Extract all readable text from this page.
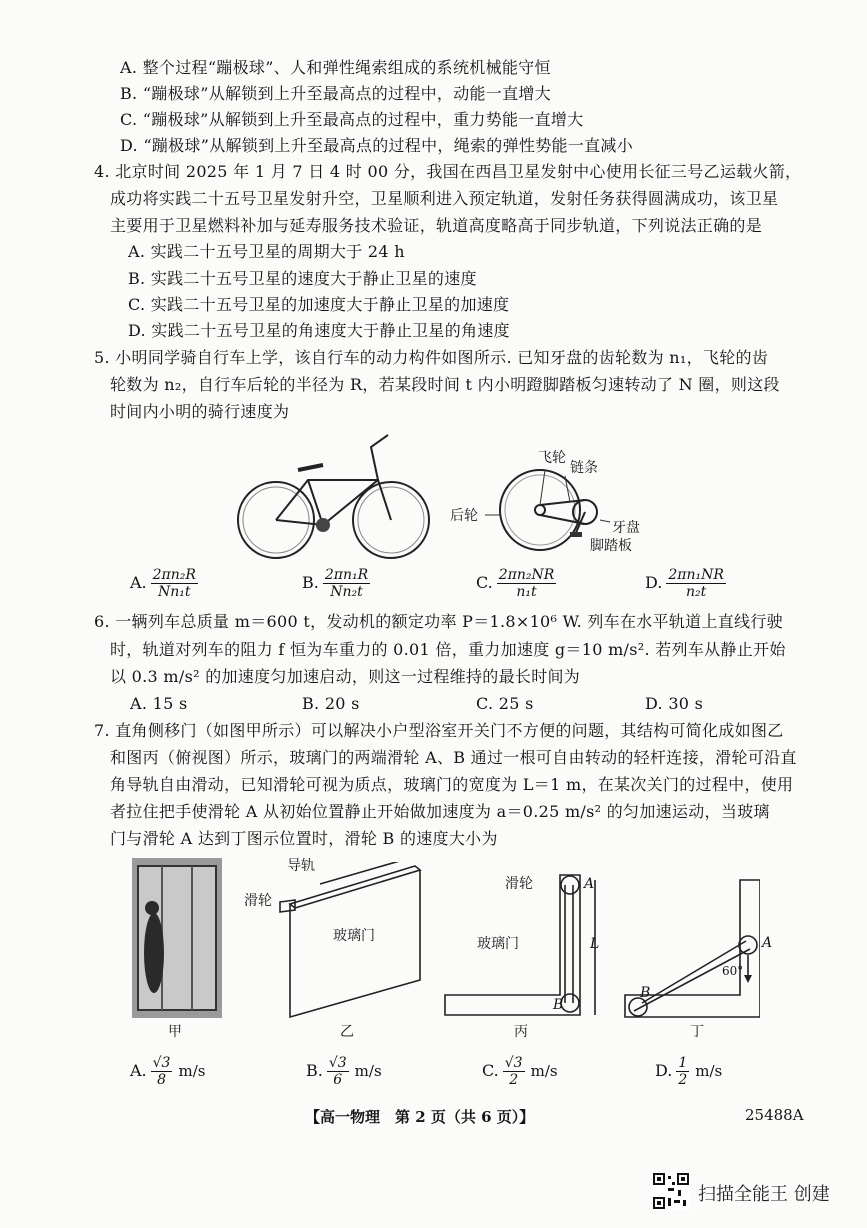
A. 整个过程“蹦极球”、人和弹性绳索组成的系统机械能守恒
B. “蹦极球”从解锁到上升至最高点的过程中，动能一直增大
C. “蹦极球”从解锁到上升至最高点的过程中，重力势能一直增大
D. “蹦极球”从解锁到上升至最高点的过程中，绳索的弹性势能一直减小
4. 北京时间 2025 年 1 月 7 日 4 时 00 分，我国在西昌卫星发射中心使用长征三号乙运载火箭，
成功将实践二十五号卫星发射升空，卫星顺利进入预定轨道，发射任务获得圆满成功，该卫星
主要用于卫星燃料补加与延寿服务技术验证，轨道高度略高于同步轨道，下列说法正确的是
A. 实践二十五号卫星的周期大于 24 h
B. 实践二十五号卫星的速度大于静止卫星的速度
C. 实践二十五号卫星的加速度大于静止卫星的加速度
D. 实践二十五号卫星的角速度大于静止卫星的角速度
5. 小明同学骑自行车上学，该自行车的动力构件如图所示. 已知牙盘的齿轮数为 n₁，飞轮的齿
轮数为 n₂，自行车后轮的半径为 R，若某段时间 t 内小明蹬脚踏板匀速转动了 N 圈，则这段
时间内小明的骑行速度为
飞轮
链条
后轮
牙盘
脚踏板
A. $\frac{\text{2πn₂R}}{\text{Nn₁t}}$	B. $\frac{\text{2πn₁R}}{\text{Nn₂t}}$	C. $\frac{\text{2πn₂NR}}{\text{n₁t}}$	D. $\frac{\text{2πn₁NR}}{\text{n₂t}}$
6. 一辆列车总质量 m＝600 t，发动机的额定功率 P＝1.8×10⁶ W. 列车在水平轨道上直线行驶
时，轨道对列车的阻力 f 恒为车重力的 0.01 倍，重力加速度 g＝10 m/s². 若列车从静止开始
以 0.3 m/s² 的加速度匀加速启动，则这一过程维持的最长时间为
A. 15 s	B. 20 s	C. 25 s	D. 30 s
7. 直角侧移门（如图甲所示）可以解决小户型浴室开关门不方便的问题，其结构可简化成如图乙
和图丙（俯视图）所示，玻璃门的两端滑轮 A、B 通过一根可自由转动的轻杆连接，滑轮可沿直
角导轨自由滑动，已知滑轮可视为质点，玻璃门的宽度为 L＝1 m，在某次关门的过程中，使用
者拉住把手使滑轮 A 从初始位置静止开始做加速度为 a＝0.25 m/s² 的匀加速运动，当玻璃
门与滑轮 A 达到丁图示位置时，滑轮 B 的速度大小为
导轨
滑轮
玻璃门
滑轮
玻璃门
A
B
L	A
B
60°
甲	乙	丙	丁
A. $\frac{√3}{8} m/s$	B. $\frac{√3}{6} m/s$	C. $\frac{√3}{2} m/s$	D. $\frac{1}{2} m/s$
【高一物理　第 2 页（共 6 页）】	25488A
扫描全能王 创建
